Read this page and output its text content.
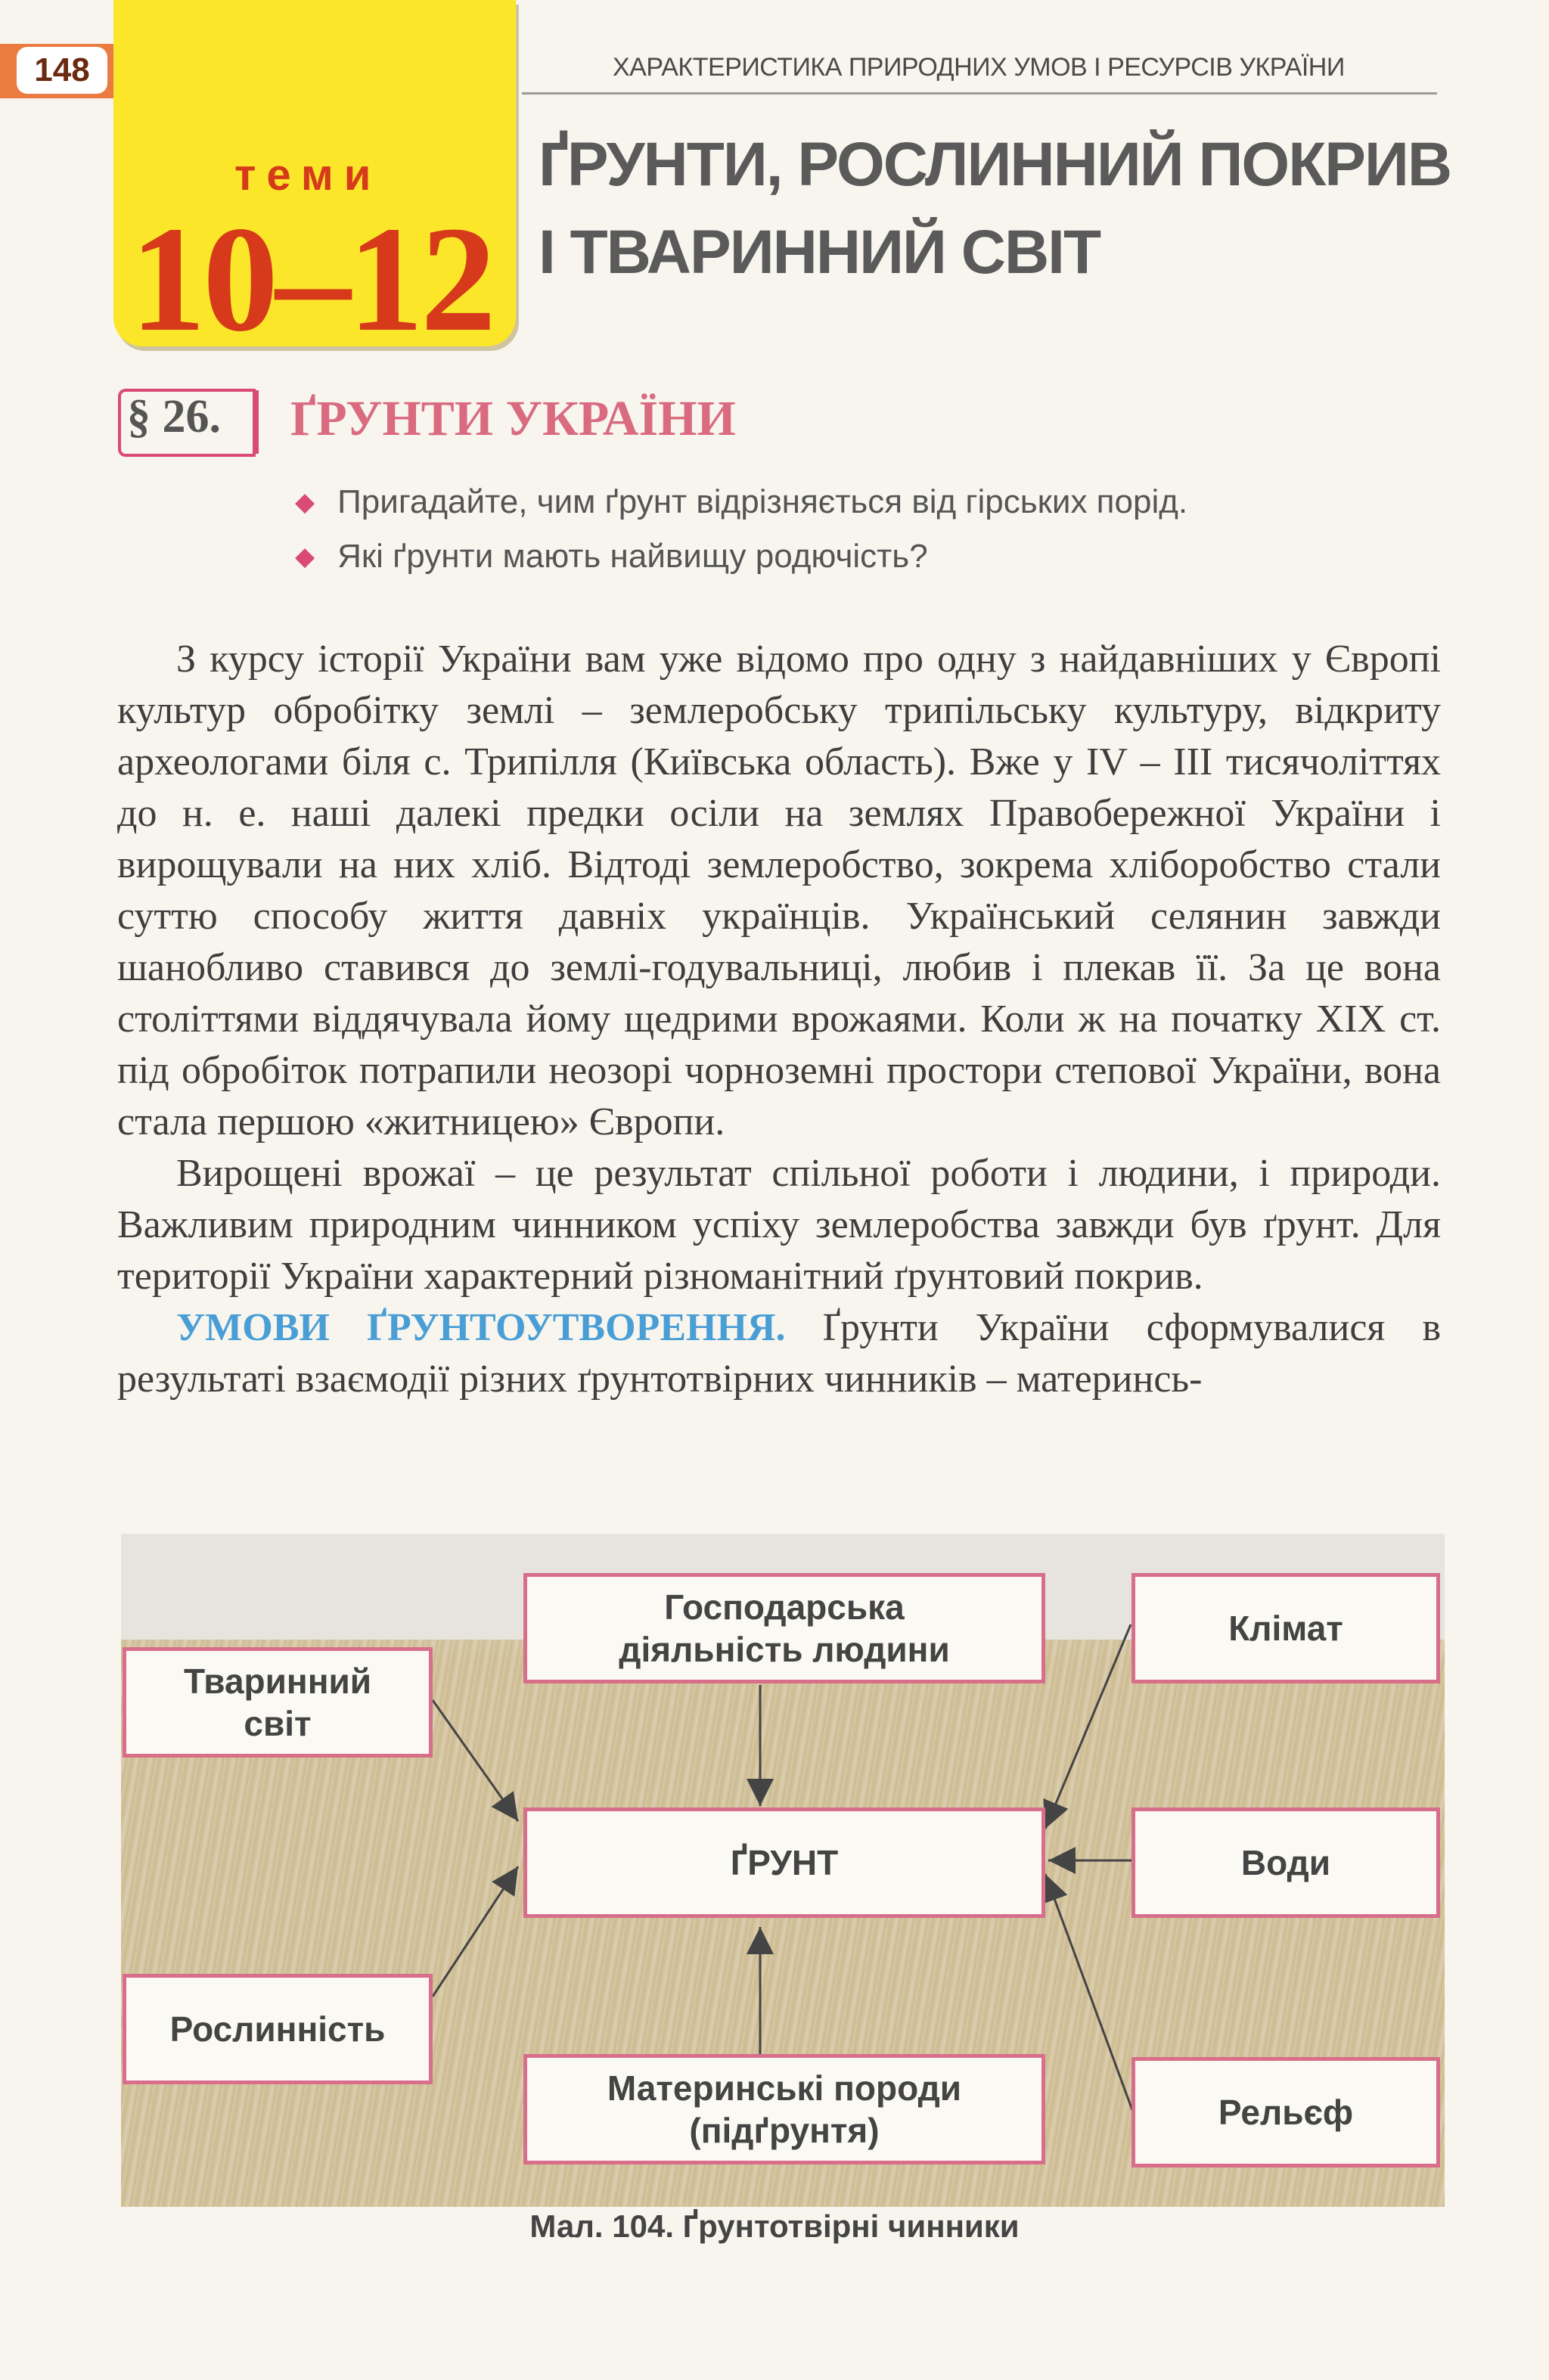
148	ХАРАКТЕРИСТИКА ПРИРОДНИХ УМОВ І РЕСУРСІВ УКРАЇНИ
теми
10–12
ҐРУНТИ, РОСЛИННИЙ ПОКРИВ
І ТВАРИННИЙ СВІТ
§ 26. ҐРУНТИ УКРАЇНИ
◆ Пригадайте, чим ґрунт відрізняється від гірських порід.
◆ Які ґрунти мають найвищу родючість?

З курсу історії України вам уже відомо про одну з найдавніших у Європі культур обробітку землі – землеробську трипільську культуру, відкриту археологами біля с. Трипілля (Київська область). Вже у IV – III тисячоліттях до н. е. наші далекі предки осіли на землях Правобережної України і вирощували на них хліб. Відтоді землеробство, зокрема хліборобство стали суттю способу життя давніх українців. Український селянин завжди шанобливо ставився до землі-годувальниці, любив і плекав її. За це вона століттями віддячувала йому щедрими врожаями. Коли ж на початку XIX ст. під обробіток потрапили неозорі чорноземні простори степової України, вона стала першою «житницею» Європи.

Вирощені врожаї – це результат спільної роботи і людини, і природи. Важливим природним чинником успіху землеробства завжди був ґрунт. Для території України характерний різноманітний ґрунтовий покрив.

УМОВИ ҐРУНТОУТВОРЕННЯ. Ґрунти України сформувалися в результаті взаємодії різних ґрунтотвірних чинників – материнсь-

Господарська діяльність людини
Клімат
Тваринний світ
ҐРУНТ	Води
Рослинність
Материнські породи (підґрунтя)	Рельєф
Мал. 104. Ґрунтотвірні чинники
